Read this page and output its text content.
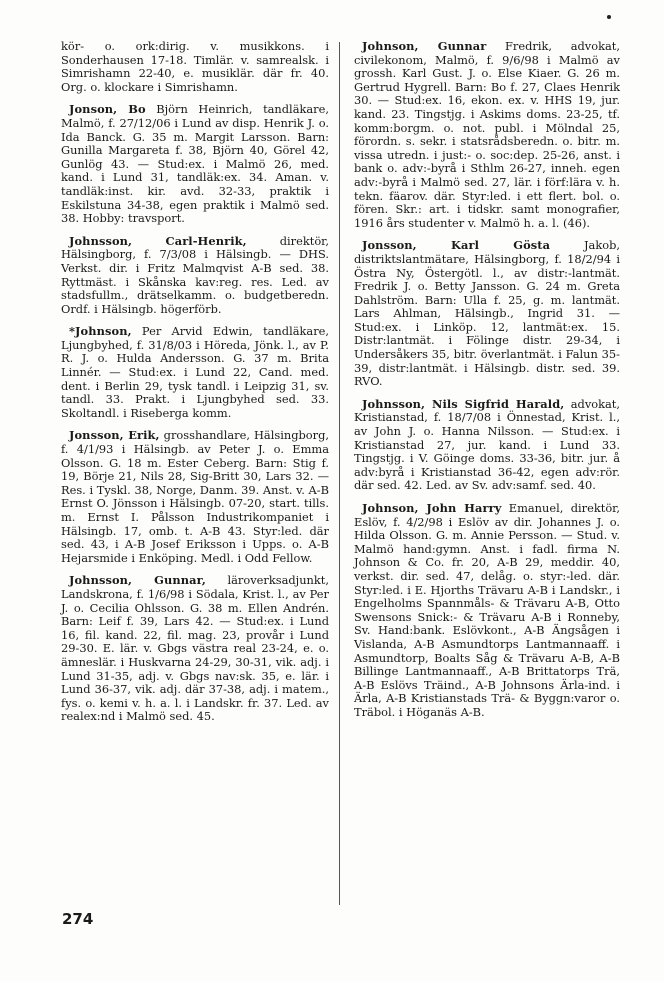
kör- o. ork:dirig. v. musikkons. i Sonderhausen 17-18. Timlär. v. samrealsk. i Simrishamn 22-40, e. musiklär. där fr. 40. Org. o. klockare i Simrishamn.

Jonson, Bo Björn Heinrich, tandläkare, Malmö, f. 27/12/06 i Lund av disp. Henrik J. o. Ida Banck. G. 35 m. Margit Larsson. Barn: Gunilla Margareta f. 38, Björn 40, Görel 42, Gunlög 43. — Stud:ex. i Malmö 26, med. kand. i Lund 31, tandläk:ex. 34. Aman. v. tandläk:inst. kir. avd. 32-33, praktik i Eskilstuna 34-38, egen praktik i Malmö sed. 38. Hobby: travsport.

Johnsson, Carl-Henrik, direktör, Hälsingborg, f. 7/3/08 i Hälsingb. — DHS. Verkst. dir. i Fritz Malmqvist A-B sed. 38. Ryttmäst. i Skånska kav:reg. res. Led. av stadsfullm., drätselkamm. o. budgetberedn. Ordf. i Hälsingb. högerförb.

*Johnson, Per Arvid Edwin, tandläkare, Ljungbyhed, f. 31/8/03 i Höreda, Jönk. l., av P. R. J. o. Hulda Andersson. G. 37 m. Brita Linnér. — Stud:ex. i Lund 22, Cand. med. dent. i Berlin 29, tysk tandl. i Leipzig 31, sv. tandl. 33. Prakt. i Ljungbyhed sed. 33. Skoltandl. i Riseberga komm.

Jonsson, Erik, grosshandlare, Hälsingborg, f. 4/1/93 i Hälsingb. av Peter J. o. Emma Olsson. G. 18 m. Ester Ceberg. Barn: Stig f. 19, Börje 21, Nils 28, Sig-Britt 30, Lars 32. — Res. i Tyskl. 38, Norge, Danm. 39. Anst. v. A-B Ernst O. Jönsson i Hälsingb. 07-20, start. tills. m. Ernst I. Pålsson Industrikompaniet i Hälsingb. 17, omb. t. A-B 43. Styr:led. där sed. 43, i A-B Josef Eriksson i Upps. o. A-B Hejarsmide i Enköping. Medl. i Odd Fellow.

Johnsson, Gunnar, läroverksadjunkt, Landskrona, f. 1/6/98 i Södala, Krist. l., av Per J. o. Cecilia Ohlsson. G. 38 m. Ellen Andrén. Barn: Leif f. 39, Lars 42. — Stud:ex. i Lund 16, fil. kand. 22, fil. mag. 23, provår i Lund 29-30. E. lär. v. Gbgs västra real 23-24, e. o. ämneslär. i Huskvarna 24-29, 30-31, vik. adj. i Lund 31-35, adj. v. Gbgs nav:sk. 35, e. lär. i Lund 36-37, vik. adj. där 37-38, adj. i matem., fys. o. kemi v. h. a. l. i Landskr. fr. 37. Led. av realex:nd i Malmö sed. 45.

Johnson, Gunnar Fredrik, advokat, civilekonom, Malmö, f. 9/6/98 i Malmö av grossh. Karl Gust. J. o. Else Kiaer. G. 26 m. Gertrud Hygrell. Barn: Bo f. 27, Claes Henrik 30. — Stud:ex. 16, ekon. ex. v. HHS 19, jur. kand. 23. Tingstjg. i Askims doms. 23-25, tf. komm:borgm. o. not. publ. i Mölndal 25, förordn. s. sekr. i statsrådsberedn. o. bitr. m. vissa utredn. i just:- o. soc:dep. 25-26, anst. i bank o. adv:-byrå i Sthlm 26-27, inneh. egen adv:-byrå i Malmö sed. 27, lär. i förf:lära v. h. tekn. fäarov. där. Styr:led. i ett flert. bol. o. fören. Skr.: art. i tidskr. samt monografier, 1916 års studenter v. Malmö h. a. l. (46).

Jonsson, Karl Gösta Jakob, distriktslantmätare, Hälsingborg, f. 18/2/94 i Östra Ny, Östergötl. l., av distr:-lantmät. Fredrik J. o. Betty Jansson. G. 24 m. Greta Dahlström. Barn: Ulla f. 25, g. m. lantmät. Lars Ahlman, Hälsingb., Ingrid 31. — Stud:ex. i Linköp. 12, lantmät:ex. 15. Distr:lantmät. i Fölinge distr. 29-34, i Undersåkers 35, bitr. överlantmät. i Falun 35-39, distr:lantmät. i Hälsingb. distr. sed. 39. RVO.

Johnsson, Nils Sigfrid Harald, advokat, Kristianstad, f. 18/7/08 i Önnestad, Krist. l., av John J. o. Hanna Nilsson. — Stud:ex. i Kristianstad 27, jur. kand. i Lund 33. Tingstjg. i V. Göinge doms. 33-36, bitr. jur. å adv:byrå i Kristianstad 36-42, egen adv:rör. där sed. 42. Led. av Sv. adv:samf. sed. 40.

Johnson, John Harry Emanuel, direktör, Eslöv, f. 4/2/98 i Eslöv av dir. Johannes J. o. Hilda Olsson. G. m. Annie Persson. — Stud. v. Malmö hand:gymn. Anst. i fadl. firma N. Johnson & Co. fr. 20, A-B 29, meddir. 40, verkst. dir. sed. 47, delåg. o. styr:-led. där. Styr:led. i E. Hjorths Trävaru A-B i Landskr., i Engelholms Spannmåls- & Trävaru A-B, Otto Swensons Snick:- & Trävaru A-B i Ronneby, Sv. Hand:bank. Eslövkont., A-B Ängsågen i Vislanda, A-B Asmundtorps Lantmannaaff. i Asmundtorp, Boalts Såg & Trävaru A-B, A-B Billinge Lantmannaaff., A-B Brittatorps Trä, A-B Eslövs Träind., A-B Johnsons Ärla-ind. i Ärla, A-B Kristianstads Trä- & Byggn:varor o. Träbol. i Höganäs A-B.

274
